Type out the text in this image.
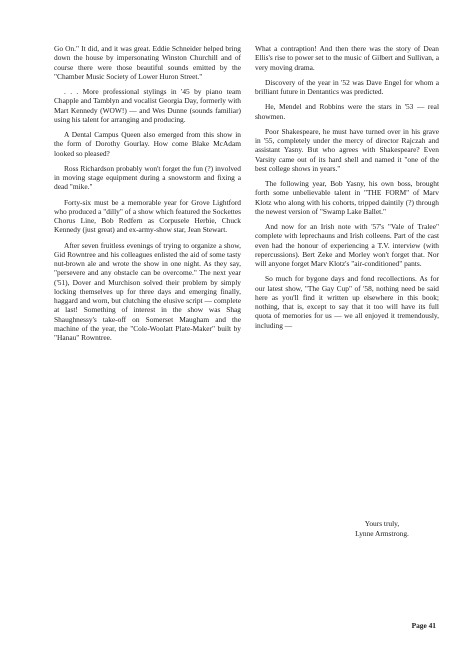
Go On." It did, and it was great. Eddie Schneider helped bring down the house by impersonating Winston Churchill and of course there were those beautiful sounds emitted by the "Chamber Music Society of Lower Huron Street."

. . . More professional stylings in '45 by piano team Chapple and Tamblyn and vocalist Georgia Day, formerly with Mart Kennedy (WOW!) — and Wes Dunne (sounds familiar) using his talent for arranging and producing.

A Dental Campus Queen also emerged from this show in the form of Dorothy Gourlay. How come Blake McAdam looked so pleased?

Ross Richardson probably won't forget the fun (?) involved in moving stage equipment during a snowstorm and fixing a dead "mike."

Forty-six must be a memorable year for Grove Lightford who produced a "dilly" of a show which featured the Sockettes Chorus Line, Bob Redfern as Corpusele Herbie, Chuck Kennedy (just great) and ex-army-show star, Jean Stewart.

After seven fruitless evenings of trying to organize a show, Gid Rowntree and his colleagues enlisted the aid of some tasty nut-brown ale and wrote the show in one night. As they say, "persevere and any obstacle can be overcome." The next year ('51), Dover and Murchison solved their problem by simply locking themselves up for three days and emerging finally, haggard and worn, but clutching the elusive script — complete at last! Something of interest in the show was Shag Shaughnessy's take-off on Somerset Maugham and the machine of the year, the "Cole-Woolatt Plate-Maker" built by "Hanau" Rowntree.

What a contraption! And then there was the story of Dean Ellis's rise to power set to the music of Gilbert and Sullivan, a very moving drama.

Discovery of the year in '52 was Dave Engel for whom a brilliant future in Dentantics was predicted.

He, Mendel and Robbins were the stars in '53 — real showmen.

Poor Shakespeare, he must have turned over in his grave in '55, completely under the mercy of director Rajczah and assistant Yasny. But who agrees with Shakespeare? Even Varsity came out of its hard shell and named it "one of the best college shows in years."

The following year, Bob Yasny, his own boss, brought forth some unbelievable talent in "THE FORM" of Marv Klotz who along with his cohorts, tripped daintily (?) through the newest version of "Swamp Lake Ballet."

And now for an Irish note with '57's "Vale of Tralee" complete with leprechauns and Irish colleens. Part of the cast even had the honour of experiencing a T.V. interview (with repercussions). Bert Zeke and Morley won't forget that. Nor will anyone forget Marv Klotz's "air-conditioned" pants.

So much for bygone days and fond recollections. As for our latest show, "The Gay Cup" of '58, nothing need be said here as you'll find it written up elsewhere in this book; nothing, that is, except to say that it too will have its full quota of memories for us — we all enjoyed it tremendously, including —

Yours truly,
Lynne Armstrong.
Page 41
